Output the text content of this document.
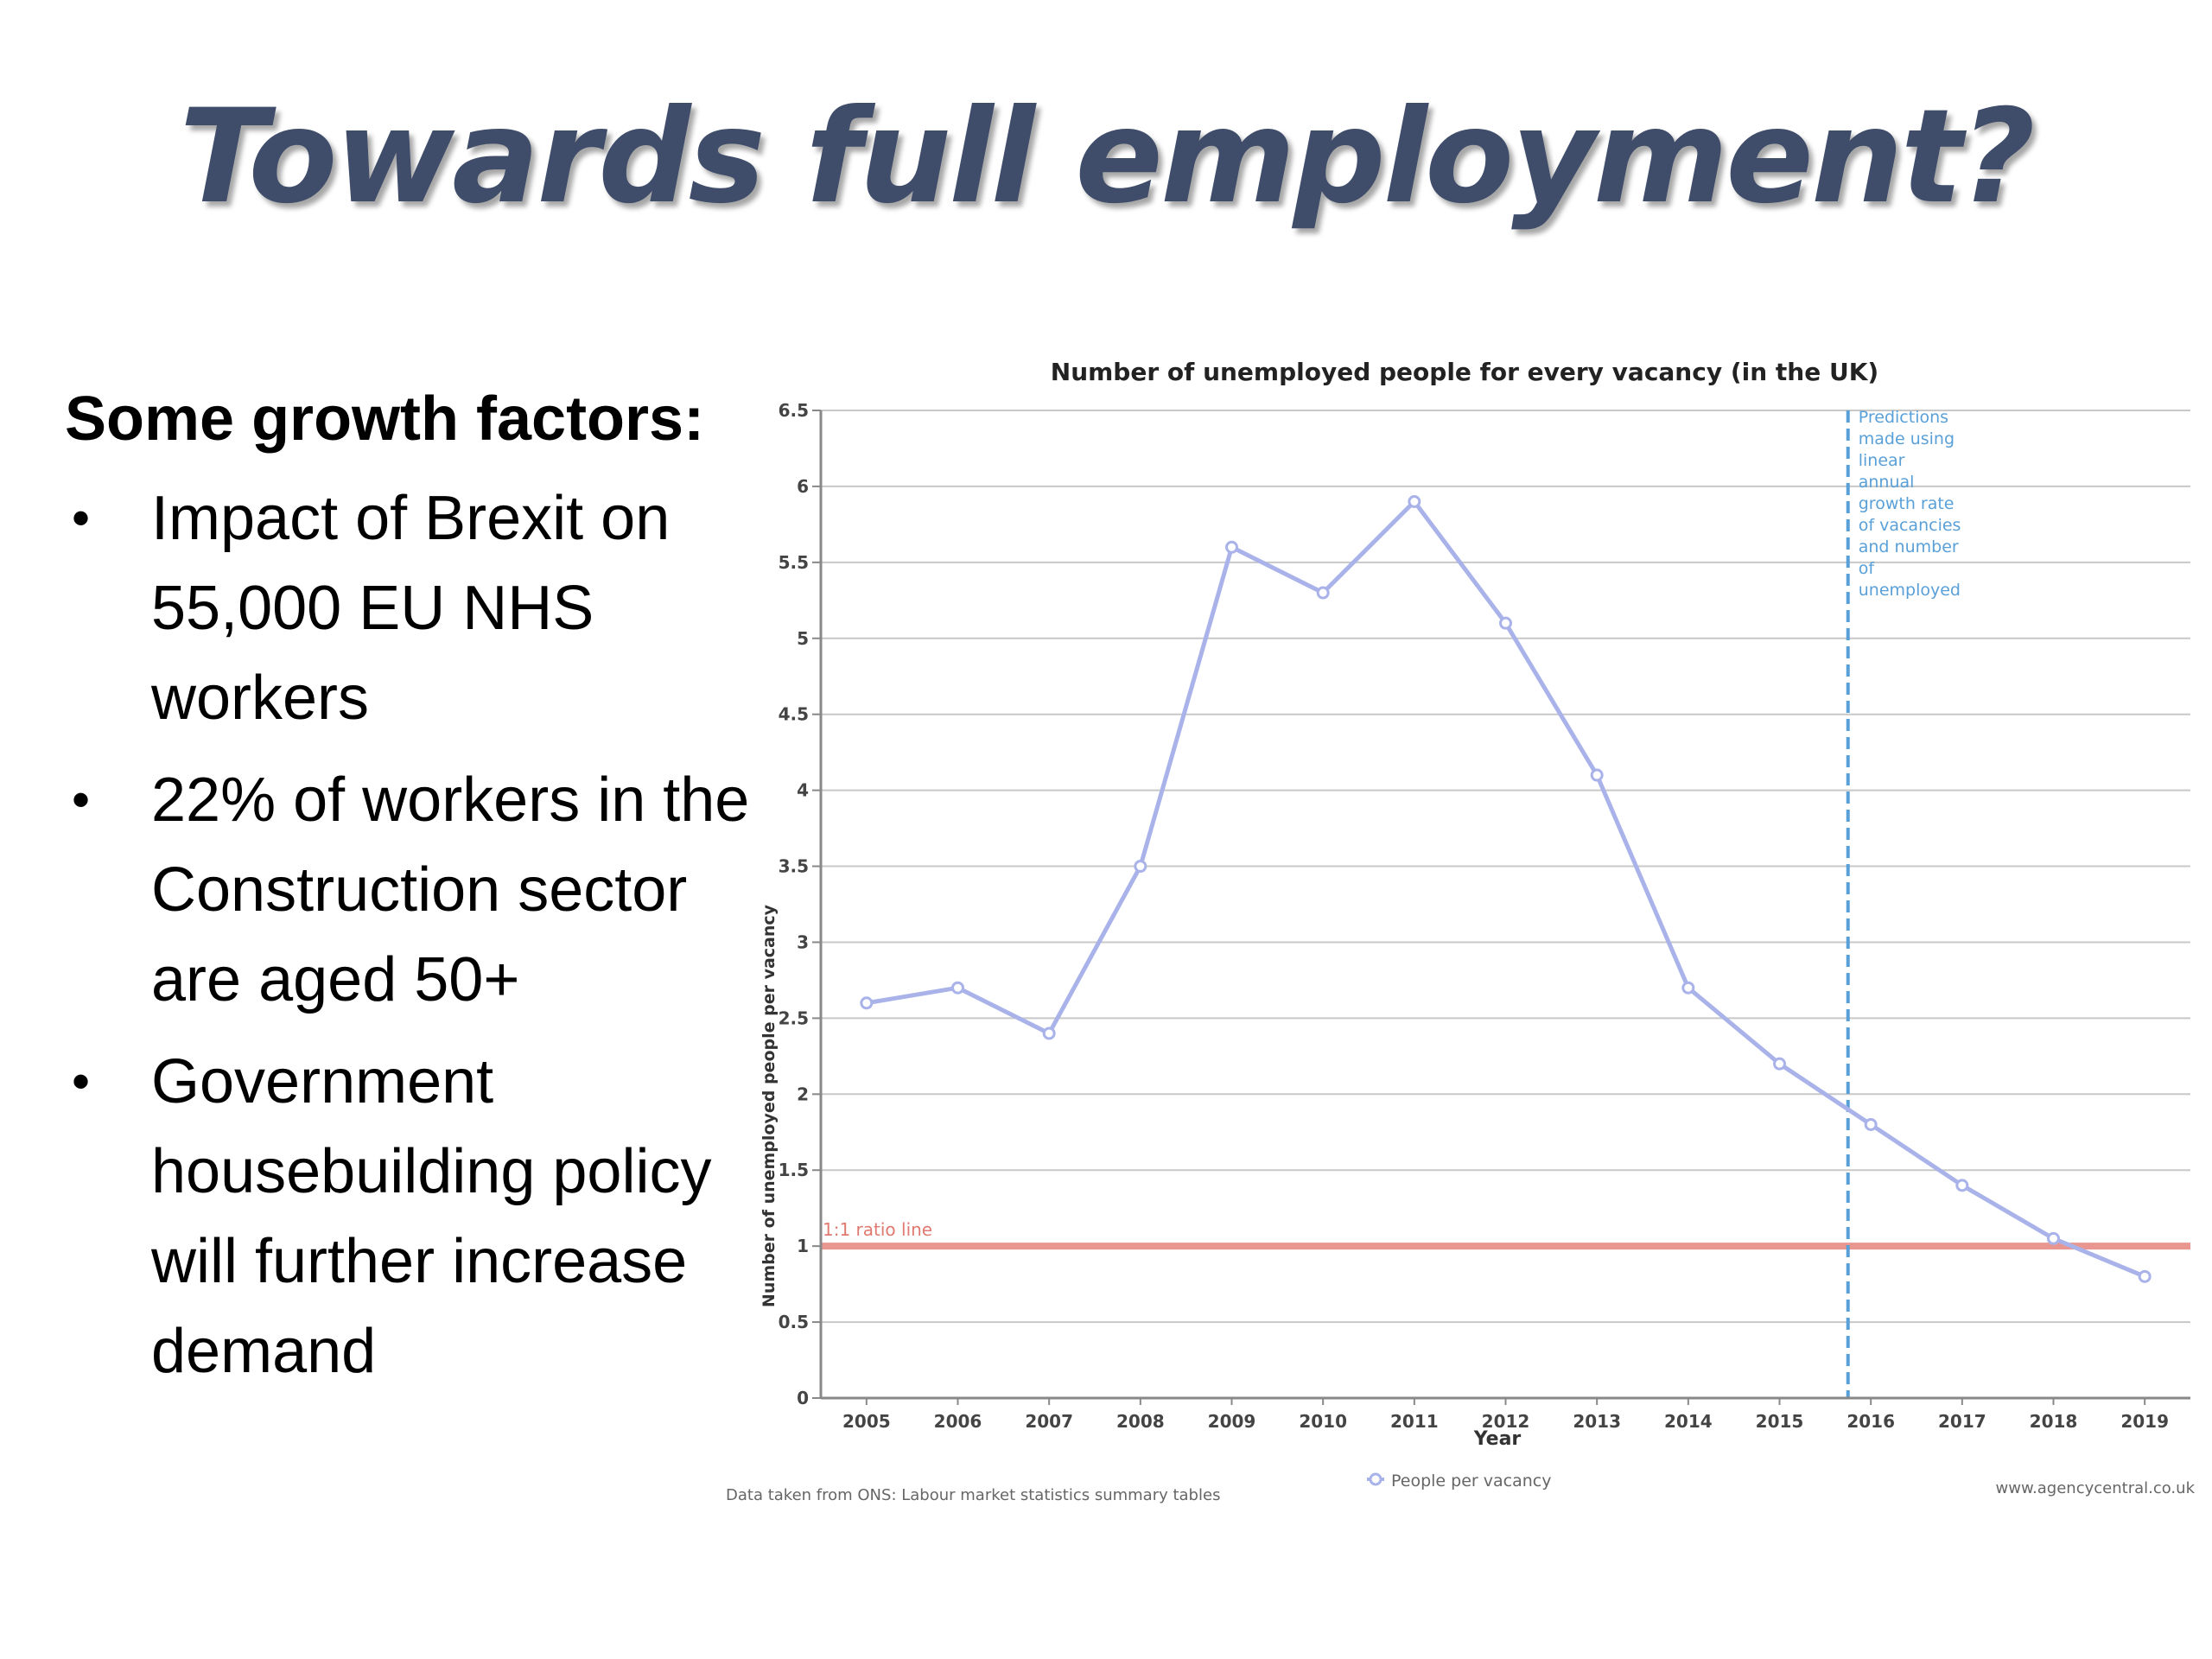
Towards full employment?
Some growth factors:
• Impact of Brexit on 55,000 EU NHS workers
• 22% of workers in the Construction sector are aged 50+
• Government housebuilding policy will further increase demand
Number of unemployed people for every vacancy (in the UK)
1:1 ratio line
Predictions made using linear annual growth rate of vacancies and number of unemployed
0
0.5
1
1.5
2
2.5
3
3.5
4
4.5
5
5.5
6
6.5
2005 2006 2007 2008 2009 2010 2011 2012 2013 2014 2015 2016 2017 2018 2019
Year
Number of unemployed people per vacancy
People per vacancy
Data taken from ONS: Labour market statistics summary tables	www.agencycentral.co.uk
